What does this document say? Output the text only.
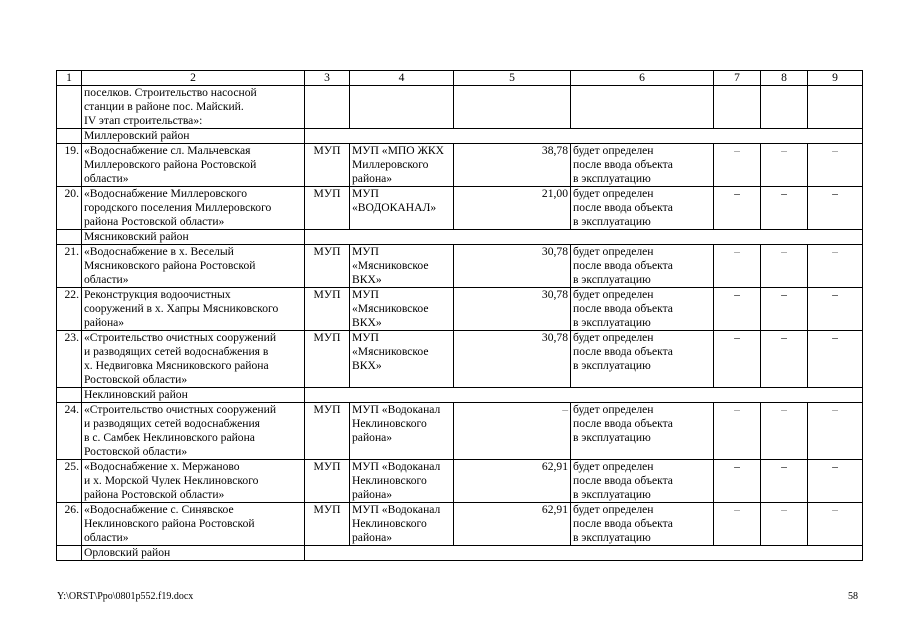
1	2	3	4	5	6	7	8	9

	поселков. Строительство насосной
станции в районе пос. Майский.
IV этап строительства»:							

	Миллеровский район							
19.	«Водоснабжение сл. Мальчевская
Миллеровского района Ростовской
области»	МУП	МУП «МПО ЖКХ
Миллеровского
района»	38,78	будет определен
после ввода объекта
в эксплуатацию	–	–	–
20.	«Водоснабжение Миллеровского
городского поселения Миллеровского
района Ростовской области»	МУП	МУП
«ВОДОКАНАЛ»	21,00	будет определен
после ввода объекта
в эксплуатацию	–	–	–
	Мясниковский район							
21.	«Водоснабжение в х. Веселый
Мясниковского района Ростовской
области»	МУП	МУП
«Мясниковское
ВКХ»	30,78	будет определен
после ввода объекта
в эксплуатацию	–	–	–
22.	Реконструкция водоочистных
сооружений в х. Хапры Мясниковского
района»	МУП	МУП
«Мясниковское
ВКХ»	30,78	будет определен
после ввода объекта
в эксплуатацию	–	–	–
23.	«Строительство очистных сооружений
и разводящих сетей водоснабжения в
х. Недвиговка Мясниковского района
Ростовской области»	МУП	МУП
«Мясниковское
ВКХ»	30,78	будет определен
после ввода объекта
в эксплуатацию	–	–	–
	Неклиновский район							
24.	«Строительство очистных сооружений
и разводящих сетей водоснабжения
в с. Самбек Неклиновского района
Ростовской области»	МУП	МУП «Водоканал
Неклиновского
района»	–	будет определен
после ввода объекта
в эксплуатацию	–	–	–
25.	«Водоснабжение х. Мержаново
и х. Морской Чулек Неклиновского
района Ростовской области»	МУП	МУП «Водоканал
Неклиновского
района»	62,91	будет определен
после ввода объекта
в эксплуатацию	–	–	–
26.	«Водоснабжение с. Синявское
Неклиновского района Ростовской
области»	МУП	МУП «Водоканал
Неклиновского
района»	62,91	будет определен
после ввода объекта
в эксплуатацию	–	–	–
	Орловский район							
Y:\ORST\Ppo\0801p552.f19.docx	58
